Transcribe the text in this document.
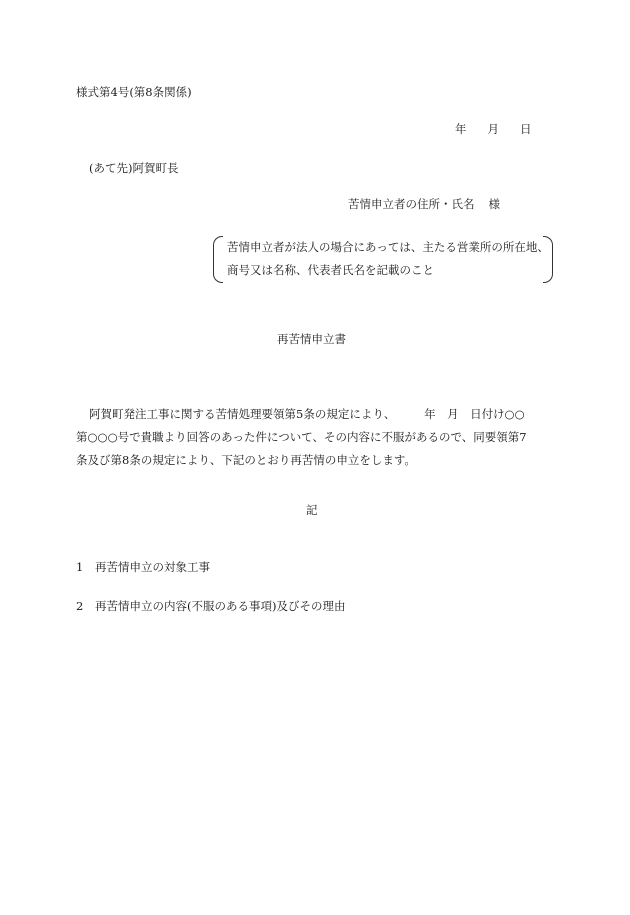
様式第4号(第8条関係)
年 月 日
(あて先)阿賀町長
苦情申立者の住所・氏名 様
苦情申立者が法人の場合にあっては、主たる営業所の所在地、
商号又は名称、代表者氏名を記載のこと
再苦情申立書
阿賀町発注工事に関する苦情処理要領第5条の規定により、　　　年　月　日付け○○
第○○○号で貴職より回答のあった件について、その内容に不服があるので、同要領第7
条及び第8条の規定により、下記のとおり再苦情の申立をします。
記
1 再苦情申立の対象工事
2 再苦情申立の内容(不服のある事項)及びその理由
